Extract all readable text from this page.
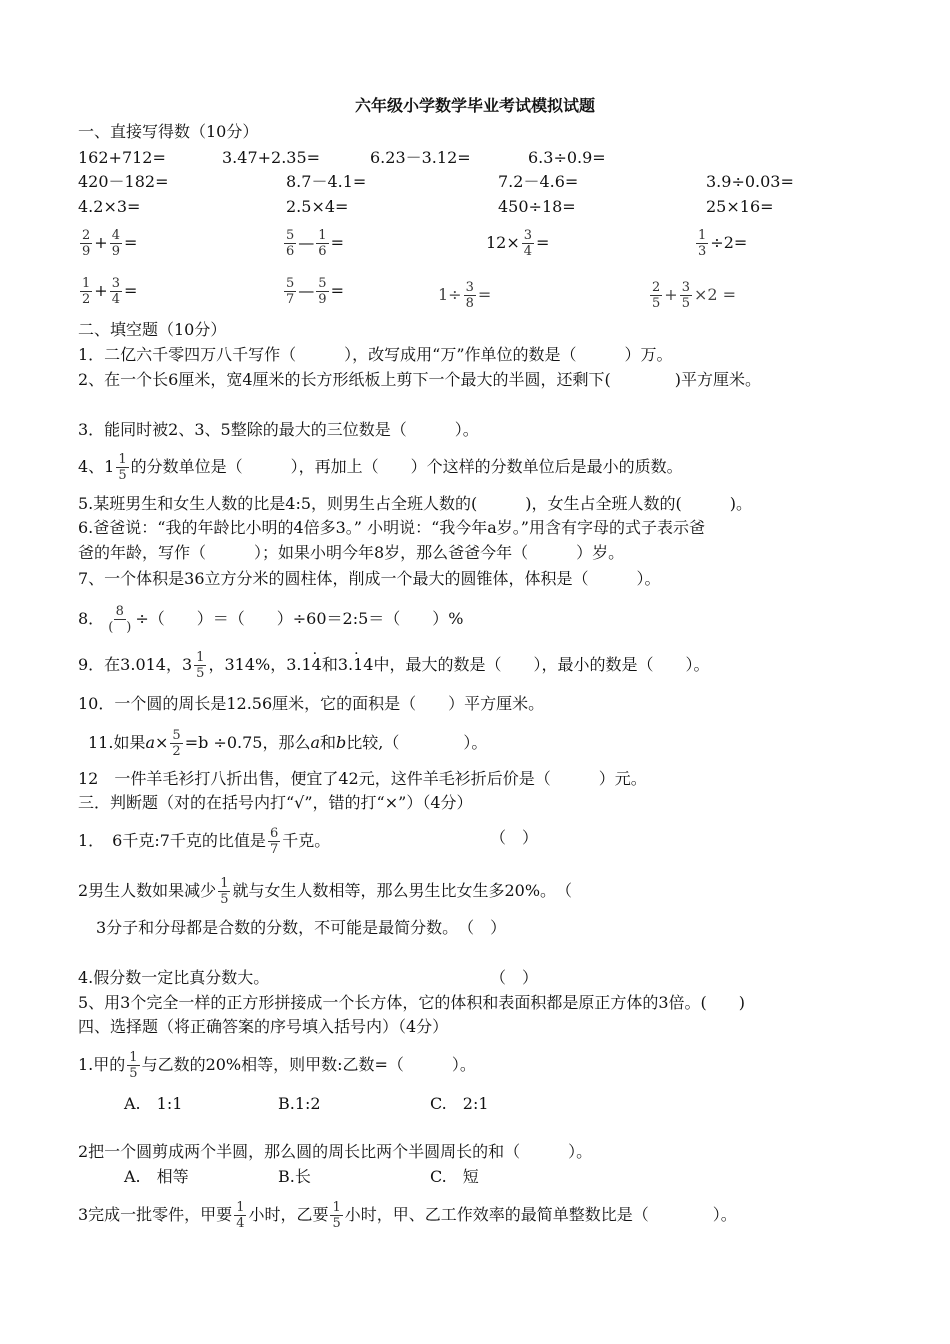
六年级小学数学毕业考试模拟试题
一、直接写得数（10分）
162+712=	3.47+2.35=	6.23－3.12=	6.3÷0.9=
420－182=	8.7－4.1=	7.2－4.6=	3.9÷0.03=
4.2×3=	2.5×4=	450÷18=	25×16=
$\frac{2}{9} + \frac{4}{9}$ =	$\frac{5}{6}$ — $\frac{1}{6}$ =	$12\times \frac{3}{4}$ =	$\frac{1}{3} \div 2=$
$\frac{1}{2} + \frac{3}{4}$ =	$\frac{5}{7}$ — $\frac{5}{9}$ =	$1\div \frac{3}{8}$ =	$\frac{2}{5} + \frac{3}{5} \times 2$ =
二、填空题（10分）
1．二亿六千零四万八千写作（　　　），改写成用“万”作单位的数是（　　　）万。
2、在一个长6厘米，宽4厘米的长方形纸板上剪下一个最大的半圆，还剩下(　　　　)平方厘米。
3．能同时被2、3、5整除的最大的三位数是（　　　）。
4、$1 \frac{1}{5}$ 的分数单位是（　　　），再加上（　　）个这样的分数单位后是最小的质数。
5.某班男生和女生人数的比是4:5，则男生占全班人数的(　　　)，女生占全班人数的(　　　)。
6.爸爸说：“我的年龄比小明的4倍多3。” 小明说：“我今年a岁。”用含有字母的式子表示爸
爸的年龄，写作（　　　）；如果小明今年8岁，那么爸爸今年（　　　）岁。
7、一个体积是36立方分米的圆柱体，削成一个最大的圆锥体，体积是（　　　）。
8． $\frac{8}{( )}$ ÷（　　）＝（　　）÷60＝2:5＝（　　）%
9．在3.014，$3 \frac{1}{5}$ ，314%，3.1· 4和3.· 14中，最大的数是（　　），最小的数是（　　）。
10．一个圆的周长是12.56厘米，它的面积是（　　）平方厘米。
11.如果$a\times \frac{5}{2} =b \div 0.75$，那么a和b比较,（　　　　）。
12　一件羊毛衫打八折出售，便宜了42元，这件羊毛衫折后价是（　　　）元。
三．判断题（对的在括号内打“√”，错的打“×”）（4分）
1．　6千克:7千克的比值是 $\frac{6}{7}$ 千克。	（　）
2男生人数如果减少 $\frac{1}{5}$ 就与女生人数相等，那么男生比女生多20%。　（
3分子和分母都是合数的分数，不可能是最简分数。　（　）
4.假分数一定比真分数大。	（　）
5、用3个完全一样的正方形拼接成一个长方体，它的体积和表面积都是原正方体的3倍。(　　)
四、选择题（将正确答案的序号填入括号内）（4分）
1.甲的 $\frac{1}{5}$ 与乙数的20%相等，则甲数:乙数=（　　　）。
A.　1:1	B.1:2	C.　2:1
2把一个圆剪成两个半圆，那么圆的周长比两个半圆周长的和（　　　）。
A.　相等	B.长	C.　短
3完成一批零件，甲要 $\frac{1}{4}$ 小时，乙要 $\frac{1}{5}$ 小时，甲、乙工作效率的最简单整数比是（　　　　）。
